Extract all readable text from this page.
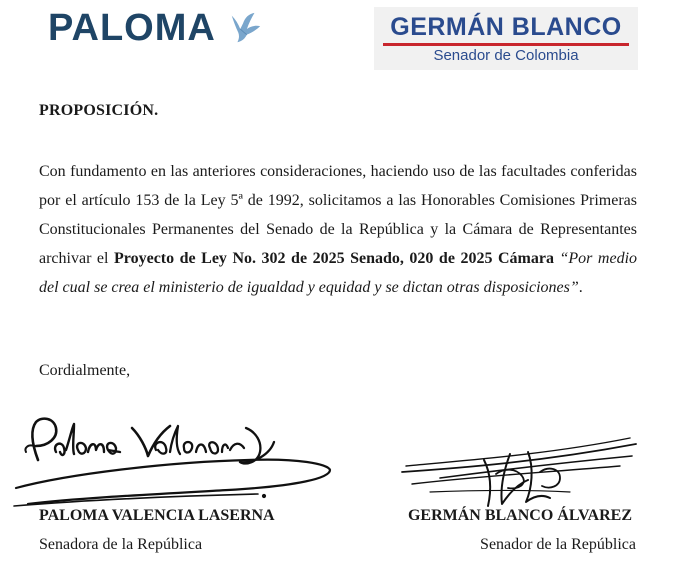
PALOMA	GERMÁN BLANCO
Senador de Colombia
PROPOSICIÓN.
Con fundamento en las anteriores consideraciones, haciendo uso de las facultades conferidas por el artículo 153 de la Ley 5ª de 1992, solicitamos a las Honorables Comisiones Primeras Constitucionales Permanentes del Senado de la República y la Cámara de Representantes archivar el Proyecto de Ley No. 302 de 2025 Senado, 020 de 2025 Cámara “Por medio del cual se crea el ministerio de igualdad y equidad y se dictan otras disposiciones”.
Cordialmente,
PALOMA VALENCIA LASERNA	GERMÁN BLANCO ÁLVAREZ
Senadora de la República	Senador de la República
